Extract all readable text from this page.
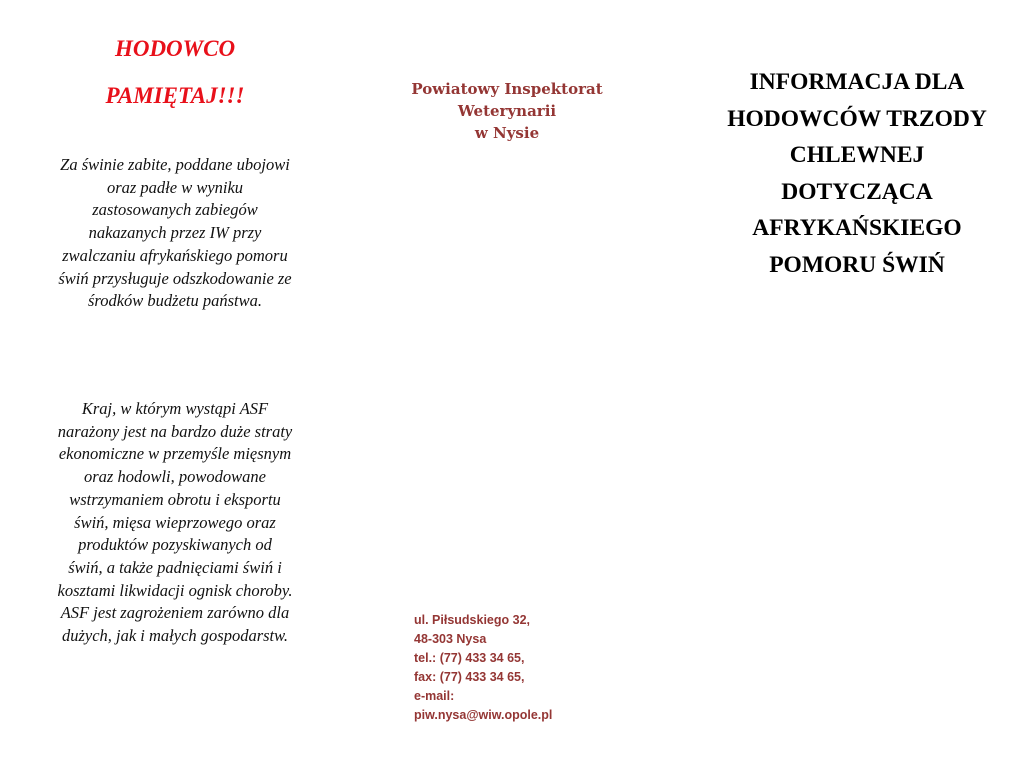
HODOWCO

PAMIĘTAJ!!!

Za świnie zabite, poddane ubojowi
oraz padłe w wyniku
zastosowanych zabiegów
nakazanych przez IW przy
zwalczaniu afrykańskiego pomoru
świń przysługuje odszkodowanie ze
środków budżetu państwa.
Kraj, w którym wystąpi ASF
narażony jest na bardzo duże straty
ekonomiczne w przemyśle mięsnym
oraz hodowli, powodowane
wstrzymaniem obrotu i eksportu
świń, mięsa wieprzowego oraz
produktów pozyskiwanych od
świń, a także padnięciami świń i
kosztami likwidacji ognisk choroby.
ASF jest zagrożeniem zarówno dla
dużych, jak i małych gospodarstw.
Powiatowy Inspektorat
Weterynarii
w Nysie
ul. Piłsudskiego 32,
48-303 Nysa
tel.: (77) 433 34 65,
fax: (77) 433 34 65,
e-mail:
piw.nysa@wiw.opole.pl
INFORMACJA DLA
HODOWCÓW TRZODY
CHLEWNEJ
DOTYCZĄCA
AFRYKAŃSKIEGO
POMORU ŚWIŃ
